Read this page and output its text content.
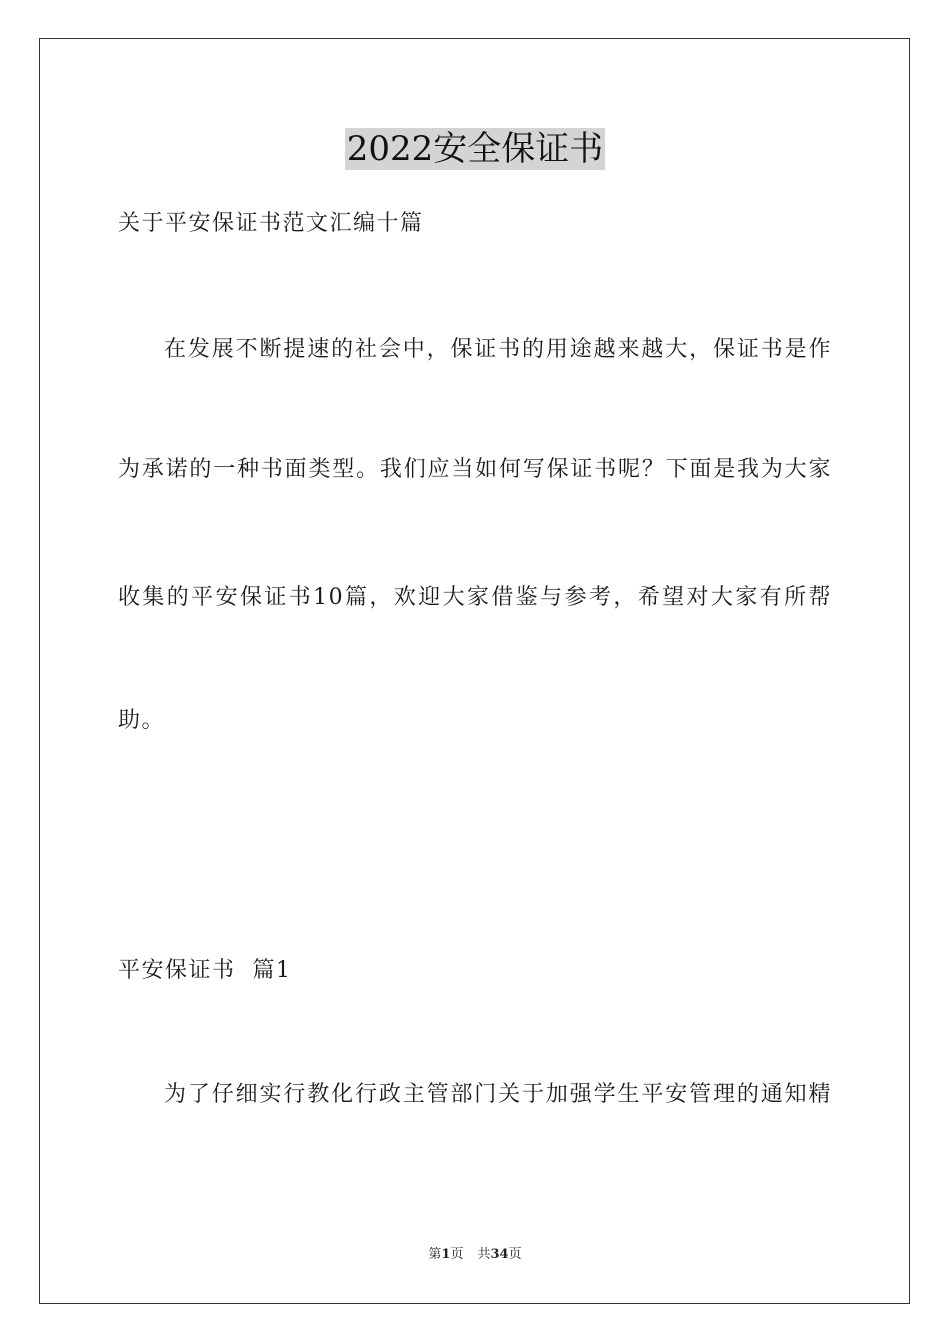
2022安全保证书
关于平安保证书范文汇编十篇
在发展不断提速的社会中，保证书的用途越来越大，保证书是作
为承诺的一种书面类型。我们应当如何写保证书呢？下面是我为大家
收集的平安保证书10篇，欢迎大家借鉴与参考，希望对大家有所帮
助。
平安保证书  篇1
为了仔细实行教化行政主管部门关于加强学生平安管理的通知精
第1页 共34页
